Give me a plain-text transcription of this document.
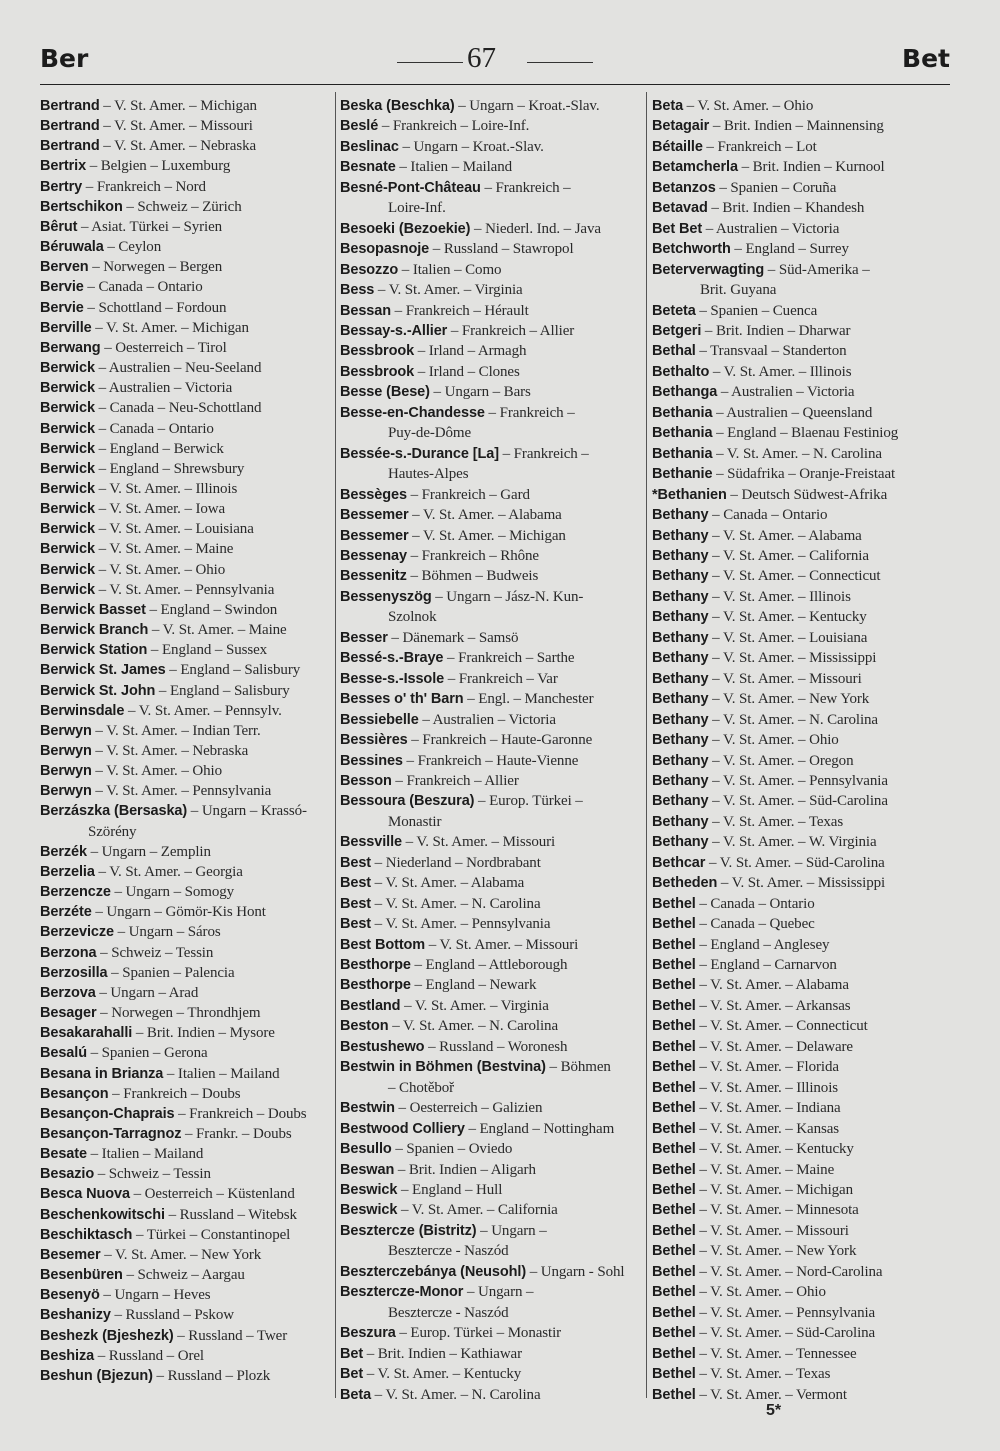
Ber	67	Bet

Bertrand – V. St. Amer. – Michigan

Bertrand – V. St. Amer. – Missouri

Bertrand – V. St. Amer. – Nebraska

Bertrix – Belgien – Luxemburg

Bertry – Frankreich – Nord

Bertschikon – Schweiz – Zürich

Bêrut – Asiat. Türkei – Syrien

Béruwala – Ceylon

Berven – Norwegen – Bergen

Bervie – Canada – Ontario

Bervie – Schottland – Fordoun

Berville – V. St. Amer. – Michigan

Berwang – Oesterreich – Tirol

Berwick – Australien – Neu-Seeland

Berwick – Australien – Victoria

Berwick – Canada – Neu-Schottland

Berwick – Canada – Ontario

Berwick – England – Berwick

Berwick – England – Shrewsbury

Berwick – V. St. Amer. – Illinois

Berwick – V. St. Amer. – Iowa

Berwick – V. St. Amer. – Louisiana

Berwick – V. St. Amer. – Maine

Berwick – V. St. Amer. – Ohio

Berwick – V. St. Amer. – Pennsylvania

Berwick Basset – England – Swindon

Berwick Branch – V. St. Amer. – Maine

Berwick Station – England – Sussex

Berwick St. James – England – Salisbury

Berwick St. John – England – Salisbury

Berwinsdale – V. St. Amer. – Pennsylv.

Berwyn – V. St. Amer. – Indian Terr.

Berwyn – V. St. Amer. – Nebraska

Berwyn – V. St. Amer. – Ohio

Berwyn – V. St. Amer. – Pennsylvania

Berzászka (Bersaska) – Ungarn – Krassó-

Szörény

Berzék – Ungarn – Zemplin

Berzelia – V. St. Amer. – Georgia

Berzencze – Ungarn – Somogy

Berzéte – Ungarn – Gömör-Kis Hont

Berzevicze – Ungarn – Sáros

Berzona – Schweiz – Tessin

Berzosilla – Spanien – Palencia

Berzova – Ungarn – Arad

Besager – Norwegen – Throndhjem

Besakarahalli – Brit. Indien – Mysore

Besalú – Spanien – Gerona

Besana in Brianza – Italien – Mailand

Besançon – Frankreich – Doubs

Besançon-Chaprais – Frankreich – Doubs

Besançon-Tarragnoz – Frankr. – Doubs

Besate – Italien – Mailand

Besazio – Schweiz – Tessin

Besca Nuova – Oesterreich – Küstenland

Beschenkowitschi – Russland – Witebsk

Beschiktasch – Türkei – Constantinopel

Besemer – V. St. Amer. – New York

Besenbüren – Schweiz – Aargau

Besenyö – Ungarn – Heves

Beshanizy – Russland – Pskow

Beshezk (Bjeshezk) – Russland – Twer

Beshiza – Russland – Orel

Beshun (Bjezun) – Russland – Plozk

Beska (Beschka) – Ungarn – Kroat.-Slav.

Beslé – Frankreich – Loire-Inf.

Beslinac – Ungarn – Kroat.-Slav.

Besnate – Italien – Mailand

Besné-Pont-Château – Frankreich –

Loire-Inf.

Besoeki (Bezoekie) – Niederl. Ind. – Java

Besopasnoje – Russland – Stawropol

Besozzo – Italien – Como

Bess – V. St. Amer. – Virginia

Bessan – Frankreich – Hérault

Bessay-s.-Allier – Frankreich – Allier

Bessbrook – Irland – Armagh

Bessbrook – Irland – Clones

Besse (Bese) – Ungarn – Bars

Besse-en-Chandesse – Frankreich –

Puy-de-Dôme

Bessée-s.-Durance [La] – Frankreich –

Hautes-Alpes

Bessèges – Frankreich – Gard

Bessemer – V. St. Amer. – Alabama

Bessemer – V. St. Amer. – Michigan

Bessenay – Frankreich – Rhône

Bessenitz – Böhmen – Budweis

Bessenyszög – Ungarn – Jász-N. Kun-

Szolnok

Besser – Dänemark – Samsö

Bessé-s.-Braye – Frankreich – Sarthe

Besse-s.-Issole – Frankreich – Var

Besses o' th' Barn – Engl. – Manchester

Bessiebelle – Australien – Victoria

Bessières – Frankreich – Haute-Garonne

Bessines – Frankreich – Haute-Vienne

Besson – Frankreich – Allier

Bessoura (Beszura) – Europ. Türkei –

Monastir

Bessville – V. St. Amer. – Missouri

Best – Niederland – Nordbrabant

Best – V. St. Amer. – Alabama

Best – V. St. Amer. – N. Carolina

Best – V. St. Amer. – Pennsylvania

Best Bottom – V. St. Amer. – Missouri

Besthorpe – England – Attleborough

Besthorpe – England – Newark

Bestland – V. St. Amer. – Virginia

Beston – V. St. Amer. – N. Carolina

Bestushewo – Russland – Woronesh

Bestwin in Böhmen (Bestvina) – Böhmen

– Chotěboř

Bestwin – Oesterreich – Galizien

Bestwood Colliery – England – Nottingham

Besullo – Spanien – Oviedo

Beswan – Brit. Indien – Aligarh

Beswick – England – Hull

Beswick – V. St. Amer. – California

Beszterczе (Bistritz) – Ungarn –

Beszterczе - Naszód

Beszterczebánya (Neusohl) – Ungarn - Sohl

Beszterczе-Monor – Ungarn –

Beszterczе - Naszód

Beszura – Europ. Türkei – Monastir

Bet – Brit. Indien – Kathiawar

Bet – V. St. Amer. – Kentucky

Beta – V. St. Amer. – N. Carolina

Beta – V. St. Amer. – Ohio

Betagair – Brit. Indien – Mainnensing

Bétaille – Frankreich – Lot

Betamcherla – Brit. Indien – Kurnool

Betanzos – Spanien – Coruña

Betavad – Brit. Indien – Khandesh

Bet Bet – Australien – Victoria

Betchworth – England – Surrey

Beterverwagting – Süd-Amerika –

Brit. Guyana

Beteta – Spanien – Cuenca

Betgeri – Brit. Indien – Dharwar

Bethal – Transvaal – Standerton

Bethalto – V. St. Amer. – Illinois

Bethanga – Australien – Victoria

Bethania – Australien – Queensland

Bethania – England – Blaenau Festiniog

Bethania – V. St. Amer. – N. Carolina

Bethanie – Südafrika – Oranje-Freistaat

*Bethanien – Deutsch Südwest-Afrika

Bethany – Canada – Ontario

Bethany – V. St. Amer. – Alabama

Bethany – V. St. Amer. – California

Bethany – V. St. Amer. – Connecticut

Bethany – V. St. Amer. – Illinois

Bethany – V. St. Amer. – Kentucky

Bethany – V. St. Amer. – Louisiana

Bethany – V. St. Amer. – Mississippi

Bethany – V. St. Amer. – Missouri

Bethany – V. St. Amer. – New York

Bethany – V. St. Amer. – N. Carolina

Bethany – V. St. Amer. – Ohio

Bethany – V. St. Amer. – Oregon

Bethany – V. St. Amer. – Pennsylvania

Bethany – V. St. Amer. – Süd-Carolina

Bethany – V. St. Amer. – Texas

Bethany – V. St. Amer. – W. Virginia

Bethcar – V. St. Amer. – Süd-Carolina

Betheden – V. St. Amer. – Mississippi

Bethel – Canada – Ontario

Bethel – Canada – Quebec

Bethel – England – Anglesey

Bethel – England – Carnarvon

Bethel – V. St. Amer. – Alabama

Bethel – V. St. Amer. – Arkansas

Bethel – V. St. Amer. – Connecticut

Bethel – V. St. Amer. – Delaware

Bethel – V. St. Amer. – Florida

Bethel – V. St. Amer. – Illinois

Bethel – V. St. Amer. – Indiana

Bethel – V. St. Amer. – Kansas

Bethel – V. St. Amer. – Kentucky

Bethel – V. St. Amer. – Maine

Bethel – V. St. Amer. – Michigan

Bethel – V. St. Amer. – Minnesota

Bethel – V. St. Amer. – Missouri

Bethel – V. St. Amer. – New York

Bethel – V. St. Amer. – Nord-Carolina

Bethel – V. St. Amer. – Ohio

Bethel – V. St. Amer. – Pennsylvania

Bethel – V. St. Amer. – Süd-Carolina

Bethel – V. St. Amer. – Tennessee

Bethel – V. St. Amer. – Texas

Bethel – V. St. Amer. – Vermont

5*
